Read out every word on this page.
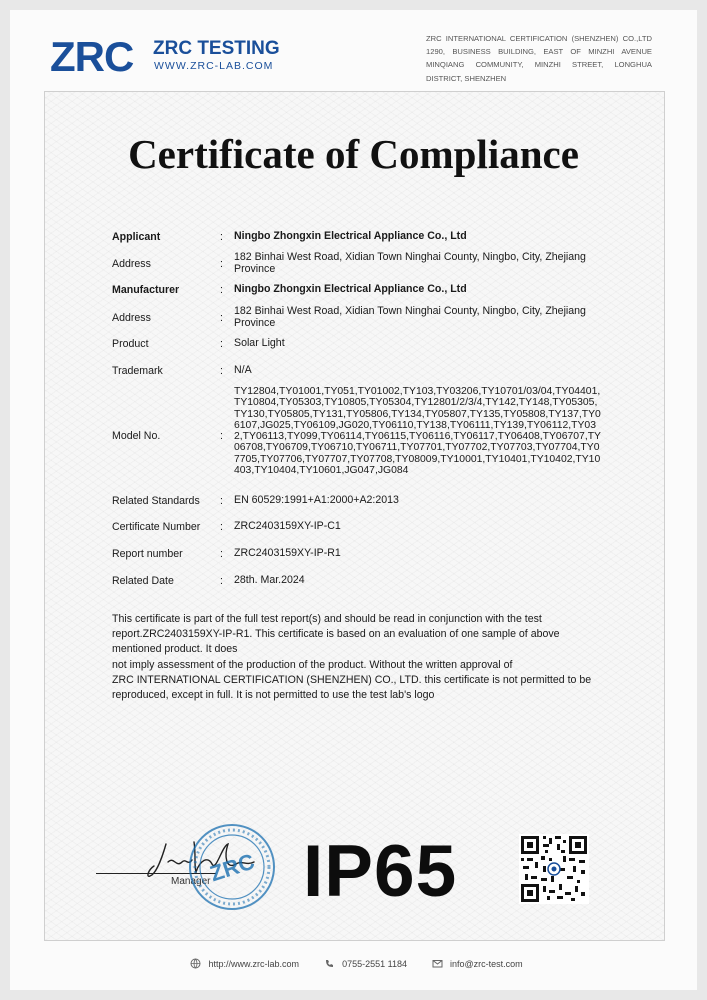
ZRC ZRC TESTING
WWW.ZRC-LAB.COM
ZRC INTERNATIONAL CERTIFICATION (SHENZHEN) CO.,LTD 1290, BUSINESS BUILDING, EAST OF MINZHI AVENUE MINQIANG COMMUNITY, MINZHI STREET, LONGHUA DISTRICT, SHENZHEN
Certificate of Compliance
Applicant	: Ningbo Zhongxin Electrical Appliance Co., Ltd
Address	:
182 Binhai West Road, Xidian Town Ninghai County, Ningbo, City, Zhejiang Province
Manufacturer	: Ningbo Zhongxin Electrical Appliance Co., Ltd
Address	:
182 Binhai West Road, Xidian Town Ninghai County, Ningbo, City, Zhejiang Province
Product	: Solar Light
Trademark	: N/A
Model No.	:
TY12804,TY01001,TY051,TY01002,TY103,TY03206,TY10701/03/04,TY04401,TY10804,TY05303,TY10805,TY05304,TY12801/2/3/4,TY142,TY148,TY05305,TY130,TY05805,TY131,TY05806,TY134,TY05807,TY135,TY05808,TY137,TY06107,JG025,TY06109,JG020,TY06110,TY138,TY06111,TY139,TY06112,TY032,TY06113,TY099,TY06114,TY06115,TY06116,TY06117,TY06408,TY06707,TY06708,TY06709,TY06710,TY06711,TY07701,TY07702,TY07703,TY07704,TY07705,TY07706,TY07707,TY07708,TY08009,TY10001,TY10401,TY10402,TY10403,TY10404,TY10601,JG047,JG084
Related Standards : EN 60529:1991+A1:2000+A2:2013
Certificate Number : ZRC2403159XY-IP-C1
Report number	: ZRC2403159XY-IP-R1
Related Date	: 28th. Mar.2024
This certificate is part of the full test report(s) and should be read in conjunction with the test
report.ZRC2403159XY-IP-R1. This certificate is based on an evaluation of one sample of above
mentioned product. It does
not imply assessment of the production of the product. Without the written approval of
ZRC INTERNATIONAL CERTIFICATION (SHENZHEN) CO., LTD. this certificate is not permitted to be
reproduced, except in full. It is not permitted to use the test lab's logo
Manager
ZRC IP65
http://www.zrc-lab.com	0755-2551 1184	info@zrc-test.com
